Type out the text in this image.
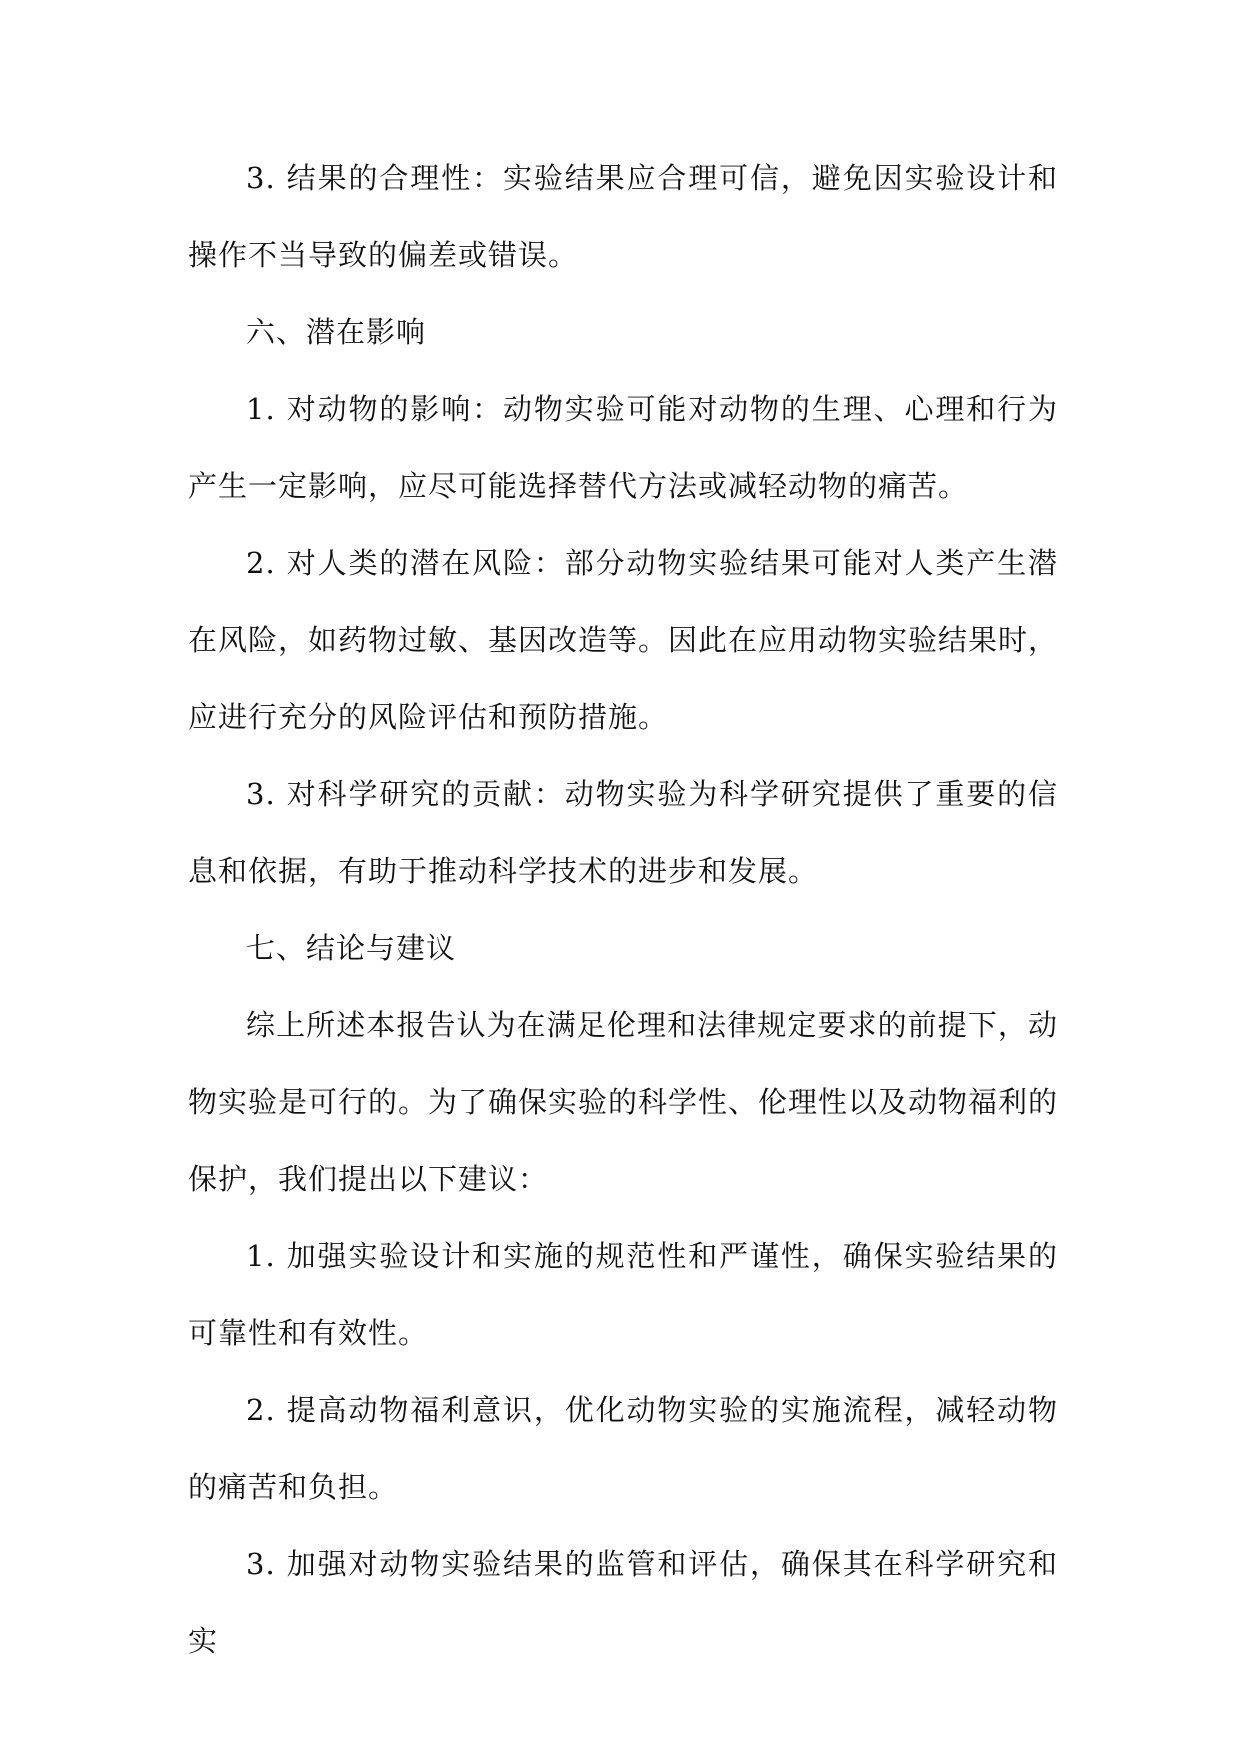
3. 结果的合理性：实验结果应合理可信，避免因实验设计和操作不当导致的偏差或错误。

六、潜在影响

1. 对动物的影响：动物实验可能对动物的生理、心理和行为产生一定影响，应尽可能选择替代方法或减轻动物的痛苦。

2. 对人类的潜在风险：部分动物实验结果可能对人类产生潜在风险，如药物过敏、基因改造等。因此在应用动物实验结果时，应进行充分的风险评估和预防措施。

3. 对科学研究的贡献：动物实验为科学研究提供了重要的信息和依据，有助于推动科学技术的进步和发展。

七、结论与建议

综上所述本报告认为在满足伦理和法律规定要求的前提下，动物实验是可行的。为了确保实验的科学性、伦理性以及动物福利的保护，我们提出以下建议：

1. 加强实验设计和实施的规范性和严谨性，确保实验结果的可靠性和有效性。

2. 提高动物福利意识，优化动物实验的实施流程，减轻动物的痛苦和负担。

3. 加强对动物实验结果的监管和评估，确保其在科学研究和实
